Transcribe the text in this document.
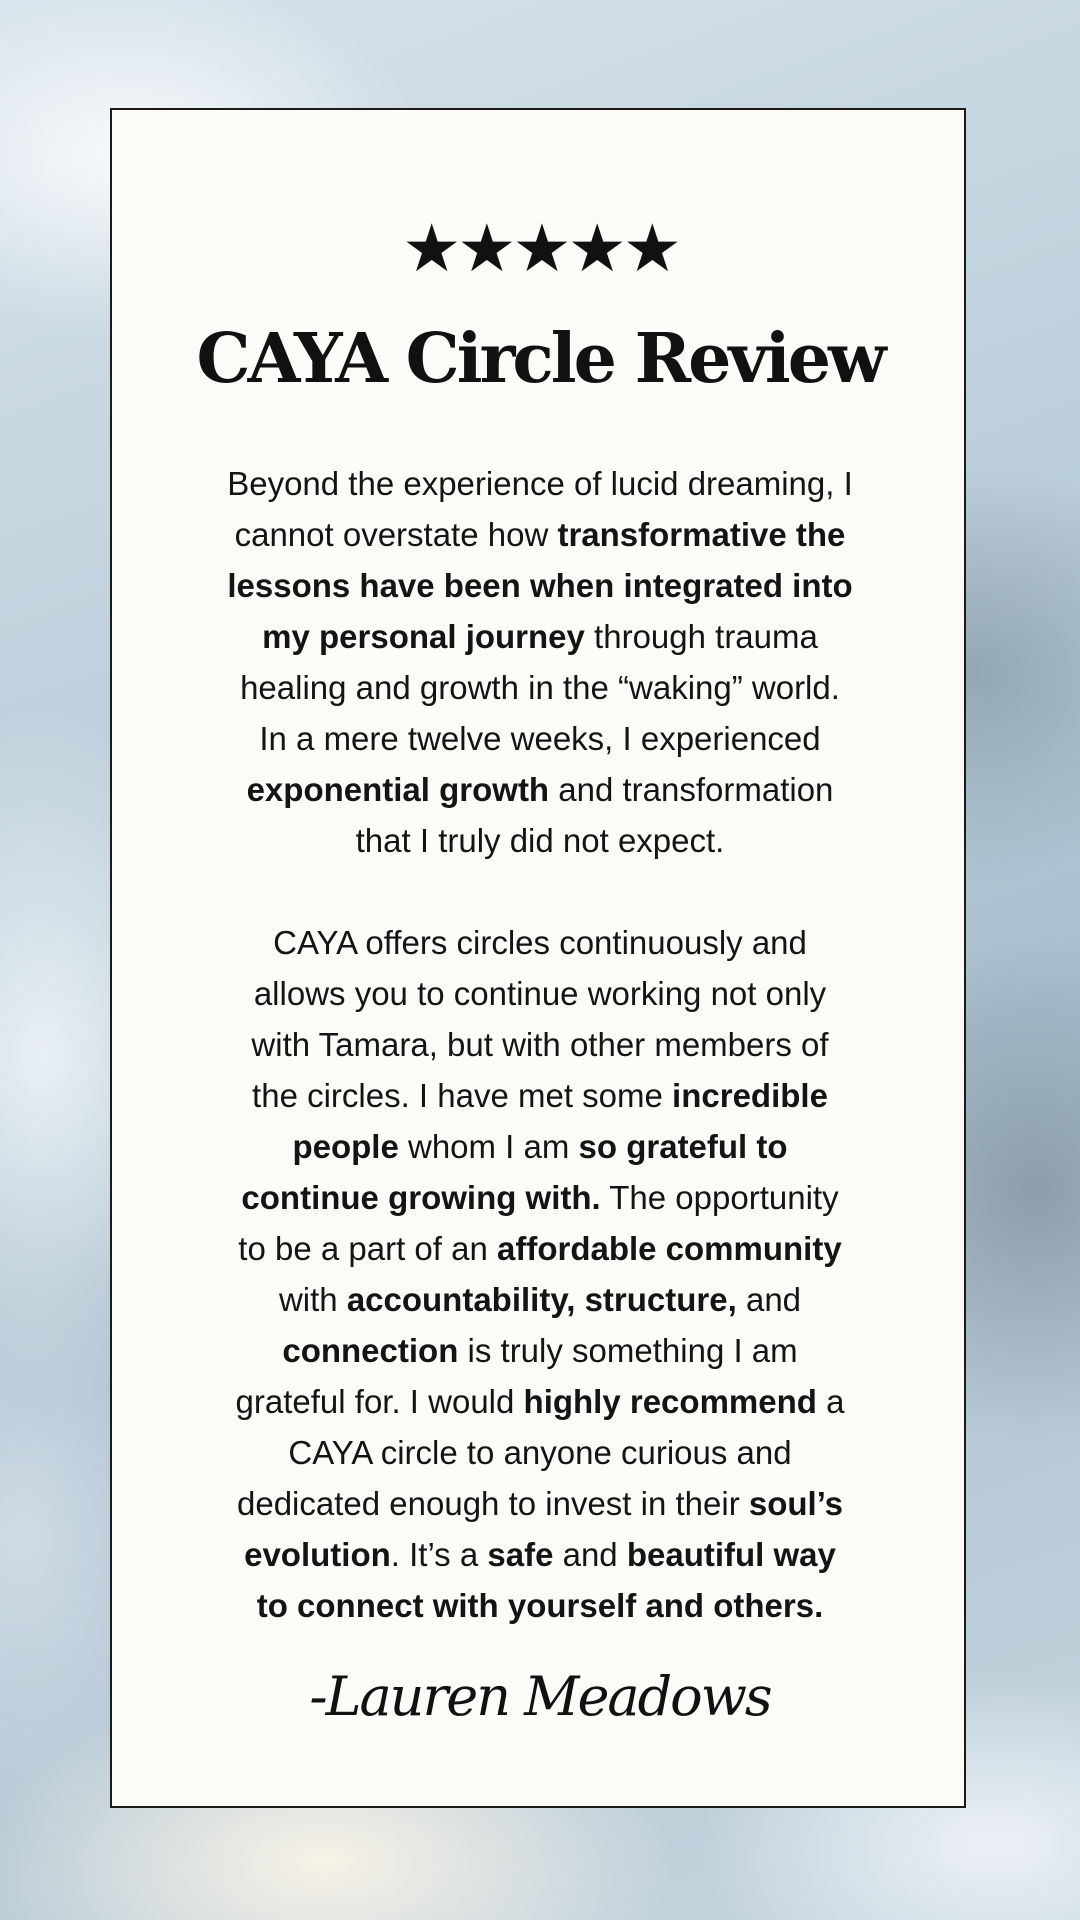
★★★★★
CAYA Circle Review

Beyond the experience of lucid dreaming, I cannot overstate how transformative the lessons have been when integrated into my personal journey through trauma healing and growth in the “waking” world. In a mere twelve weeks, I experienced exponential growth and transformation that I truly did not expect.

CAYA offers circles continuously and allows you to continue working not only with Tamara, but with other members of the circles. I have met some incredible people whom I am so grateful to continue growing with. The opportunity to be a part of an affordable community with accountability, structure, and connection is truly something I am grateful for. I would highly recommend a CAYA circle to anyone curious and dedicated enough to invest in their soul’s evolution. It’s a safe and beautiful way to connect with yourself and others.

-Lauren Meadows
